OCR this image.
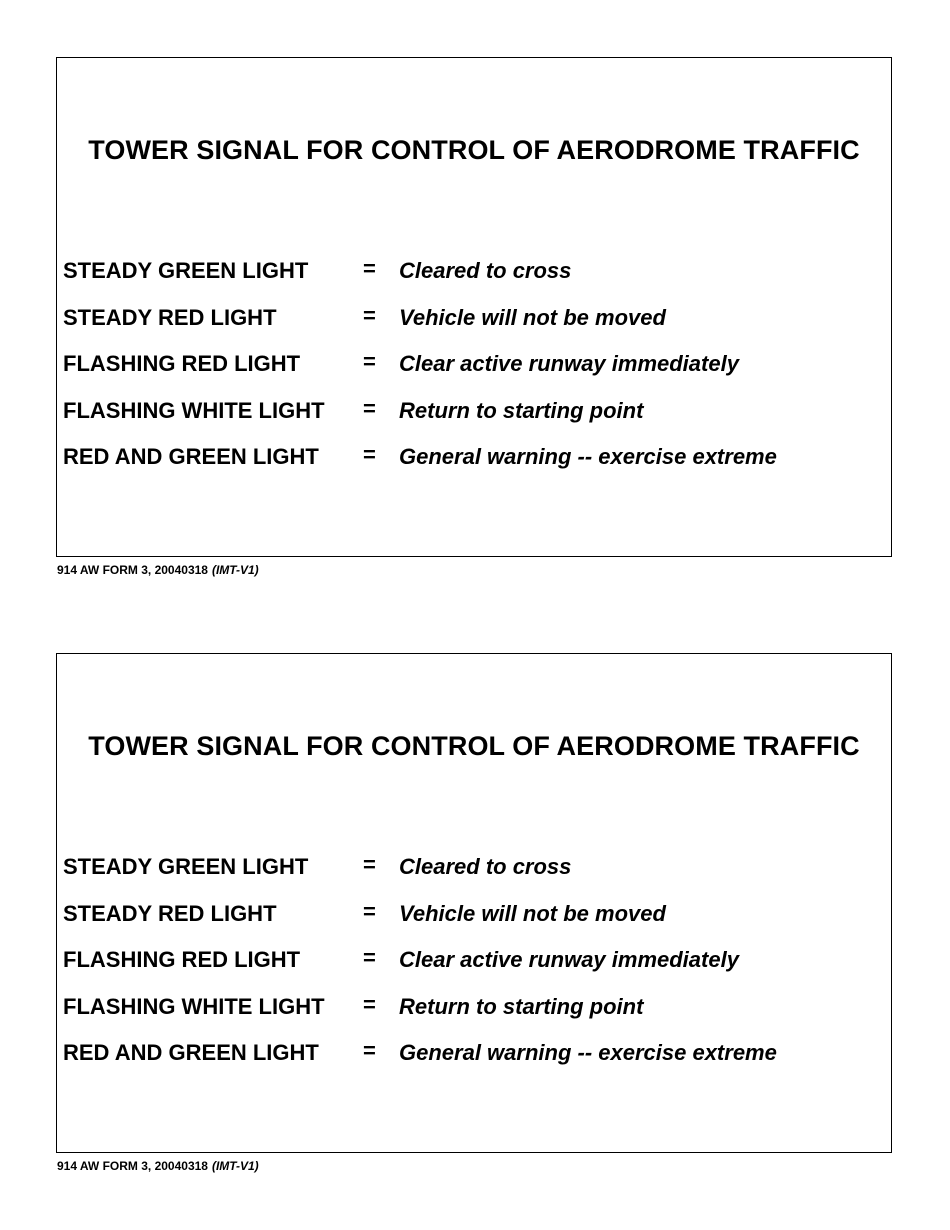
TOWER SIGNAL FOR CONTROL OF AERODROME TRAFFIC
STEADY GREEN LIGHT = Cleared to cross
STEADY RED LIGHT	= Vehicle will not be moved
FLASHING RED LIGHT	= Clear active runway immediately
FLASHING WHITE LIGHT = Return to starting point
RED AND GREEN LIGHT = General warning -- exercise extreme
914 AW FORM 3, 20040318 (IMT-V1)
TOWER SIGNAL FOR CONTROL OF AERODROME TRAFFIC
STEADY GREEN LIGHT = Cleared to cross
STEADY RED LIGHT	= Vehicle will not be moved
FLASHING RED LIGHT	= Clear active runway immediately
FLASHING WHITE LIGHT = Return to starting point
RED AND GREEN LIGHT = General warning -- exercise extreme
914 AW FORM 3, 20040318 (IMT-V1)
